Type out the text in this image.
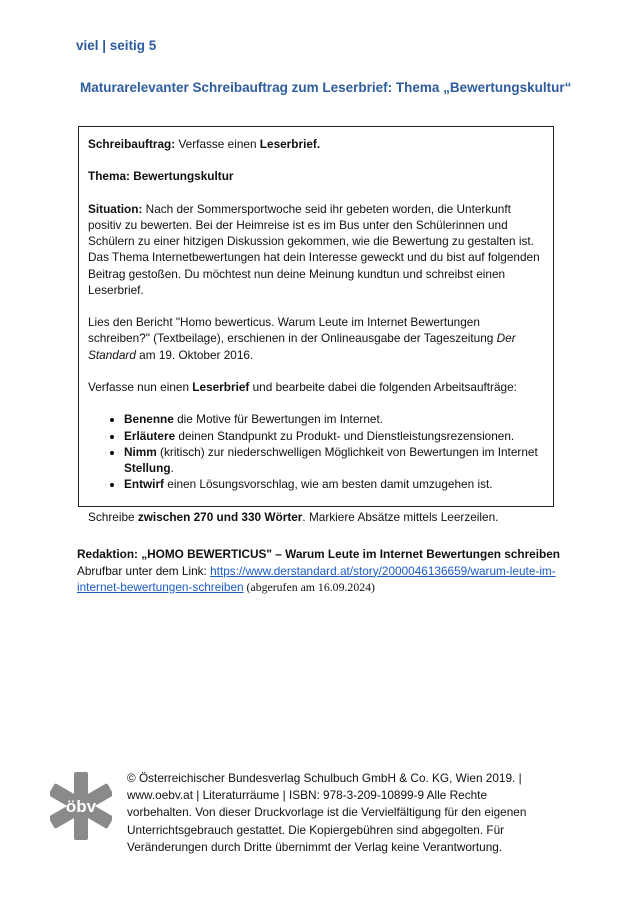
viel | seitig 5
Maturarelevanter Schreibauftrag zum Leserbrief: Thema „Bewertungskultur“

Schreibauftrag: Verfasse einen Leserbrief.

Thema: Bewertungskultur

Situation: Nach der Sommersportwoche seid ihr gebeten worden, die Unterkunft positiv zu bewerten. Bei der Heimreise ist es im Bus unter den Schülerinnen und Schülern zu einer hitzigen Diskussion gekommen, wie die Bewertung zu gestalten ist. Das Thema Internetbewertungen hat dein Interesse geweckt und du bist auf folgenden Beitrag gestoßen. Du möchtest nun deine Meinung kundtun und schreibst einen Leserbrief.

Lies den Bericht "Homo bewerticus. Warum Leute im Internet Bewertungen schreiben?" (Textbeilage), erschienen in der Onlineausgabe der Tageszeitung Der Standard am 19. Oktober 2016.

Verfasse nun einen Leserbrief und bearbeite dabei die folgenden Arbeitsaufträge:

• Benenne die Motive für Bewertungen im Internet.
• Erläutere deinen Standpunkt zu Produkt- und Dienstleistungsrezensionen.
• Nimm (kritisch) zur niederschwelligen Möglichkeit von Bewertungen im Internet Stellung.
• Entwirf einen Lösungsvorschlag, wie am besten damit umzugehen ist.

Schreibe zwischen 270 und 330 Wörter. Markiere Absätze mittels Leerzeilen.

Redaktion: „HOMO BEWERTICUS" – Warum Leute im Internet Bewertungen schreiben
Abrufbar unter dem Link: https://www.derstandard.at/story/2000046136659/warum-leute-im-internet-bewertungen-schreiben (abgerufen am 16.09.2024)
öbv
© Österreichischer Bundesverlag Schulbuch GmbH & Co. KG, Wien 2019. | www.oebv.at | Literaturräume | ISBN: 978-3-209-10899-9 Alle Rechte vorbehalten. Von dieser Druckvorlage ist die Vervielfältigung für den eigenen Unterrichtsgebrauch gestattet. Die Kopiergebühren sind abgegolten. Für Veränderungen durch Dritte übernimmt der Verlag keine Verantwortung.
